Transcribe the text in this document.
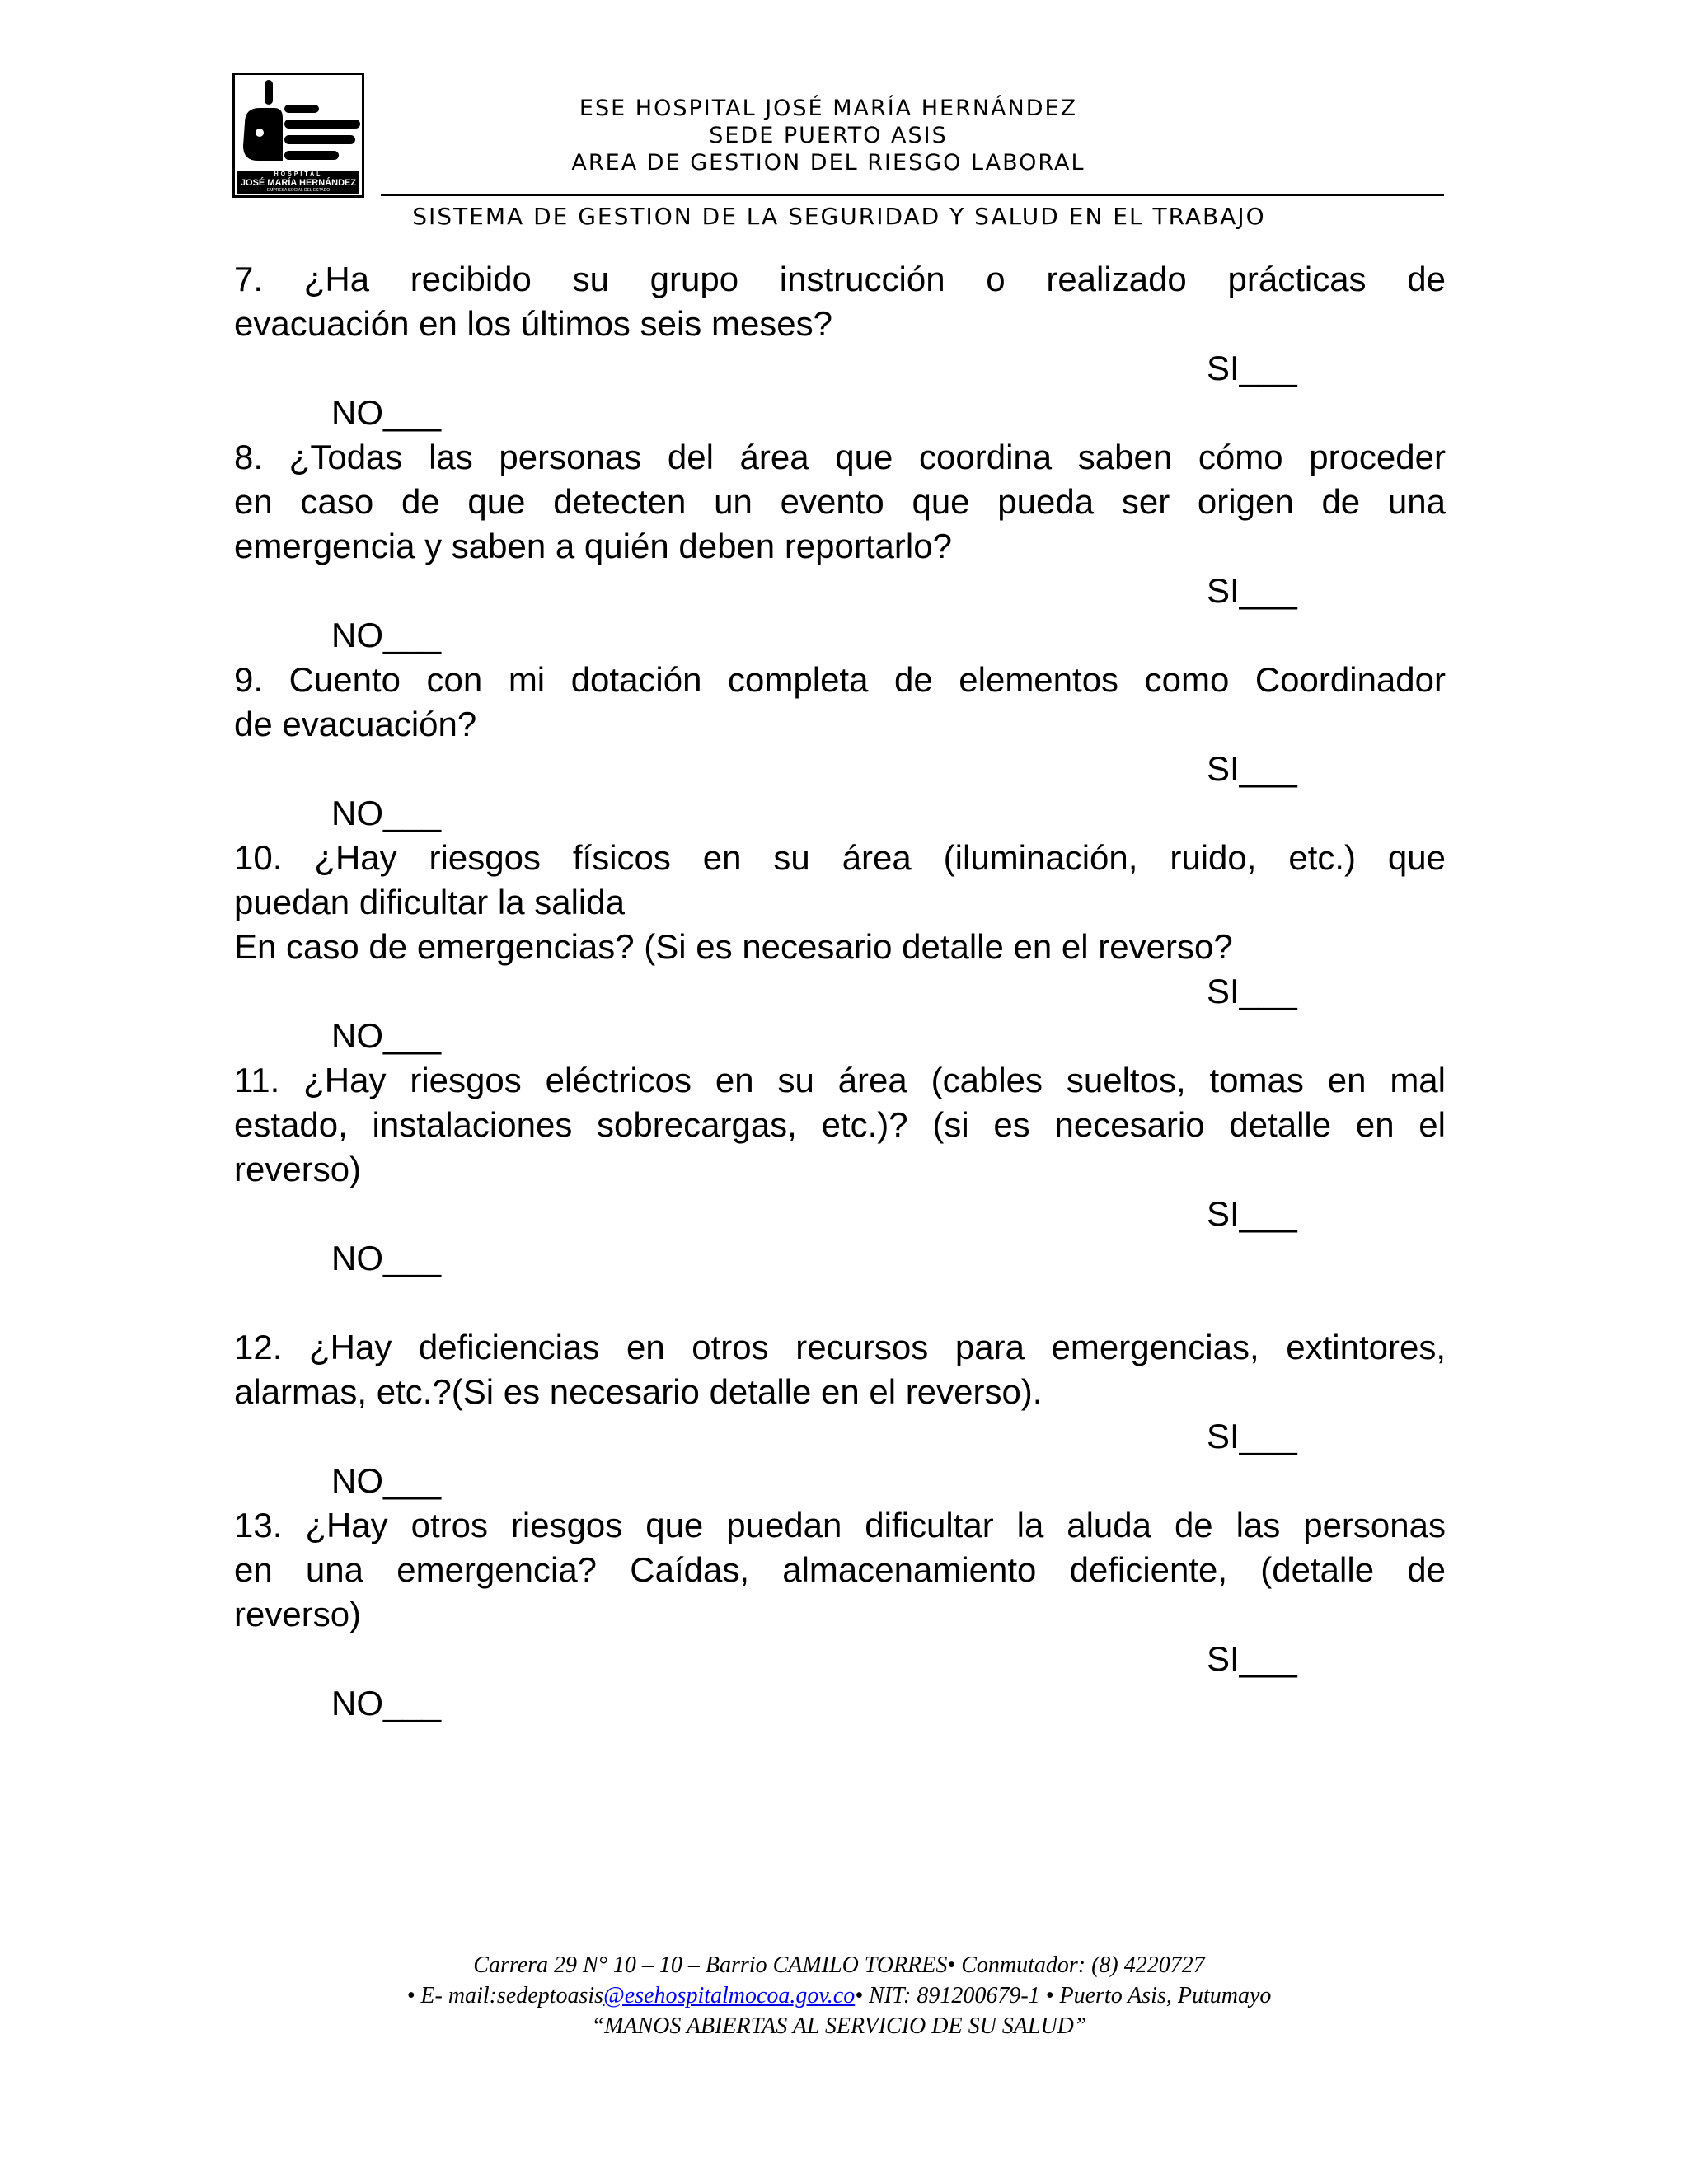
HOSPITAL
JOSÉ MARÍA HERNÁNDEZ
EMPRESA SOCIAL DEL ESTADO
ESE HOSPITAL JOSÉ MARÍA HERNÁNDEZ
SEDE PUERTO ASIS
AREA DE GESTION DEL RIESGO LABORAL
SISTEMA DE GESTION DE LA SEGURIDAD Y SALUD EN EL TRABAJO
7. ¿Ha recibido su grupo instrucción o realizado prácticas de
evacuación en los últimos seis meses?
SI___
NO___
8. ¿Todas las personas del área que coordina saben cómo proceder
en caso de que detecten un evento que pueda ser origen de una
emergencia y saben a quién deben reportarlo?
SI___
NO___
9. Cuento con mi dotación completa de elementos como Coordinador
de evacuación?
SI___
NO___
10. ¿Hay riesgos físicos en su área (iluminación, ruido, etc.) que
puedan dificultar la salida
En caso de emergencias? (Si es necesario detalle en el reverso?
SI___
NO___
11. ¿Hay riesgos eléctricos en su área (cables sueltos, tomas en mal
estado, instalaciones sobrecargas, etc.)? (si es necesario detalle en el
reverso)
SI___
NO___
12. ¿Hay deficiencias en otros recursos para emergencias, extintores,
alarmas, etc.?(Si es necesario detalle en el reverso).
SI___
NO___
13. ¿Hay otros riesgos que puedan dificultar la aluda de las personas
en una emergencia? Caídas, almacenamiento deficiente, (detalle de
reverso)
SI___
NO___
Carrera 29 N° 10 – 10 – Barrio CAMILO TORRES• Conmutador: (8) 4220727
• E- mail:sedeptoasis@esehospitalmocoa.gov.co• NIT: 891200679-1 • Puerto Asis, Putumayo
“MANOS ABIERTAS AL SERVICIO DE SU SALUD”
